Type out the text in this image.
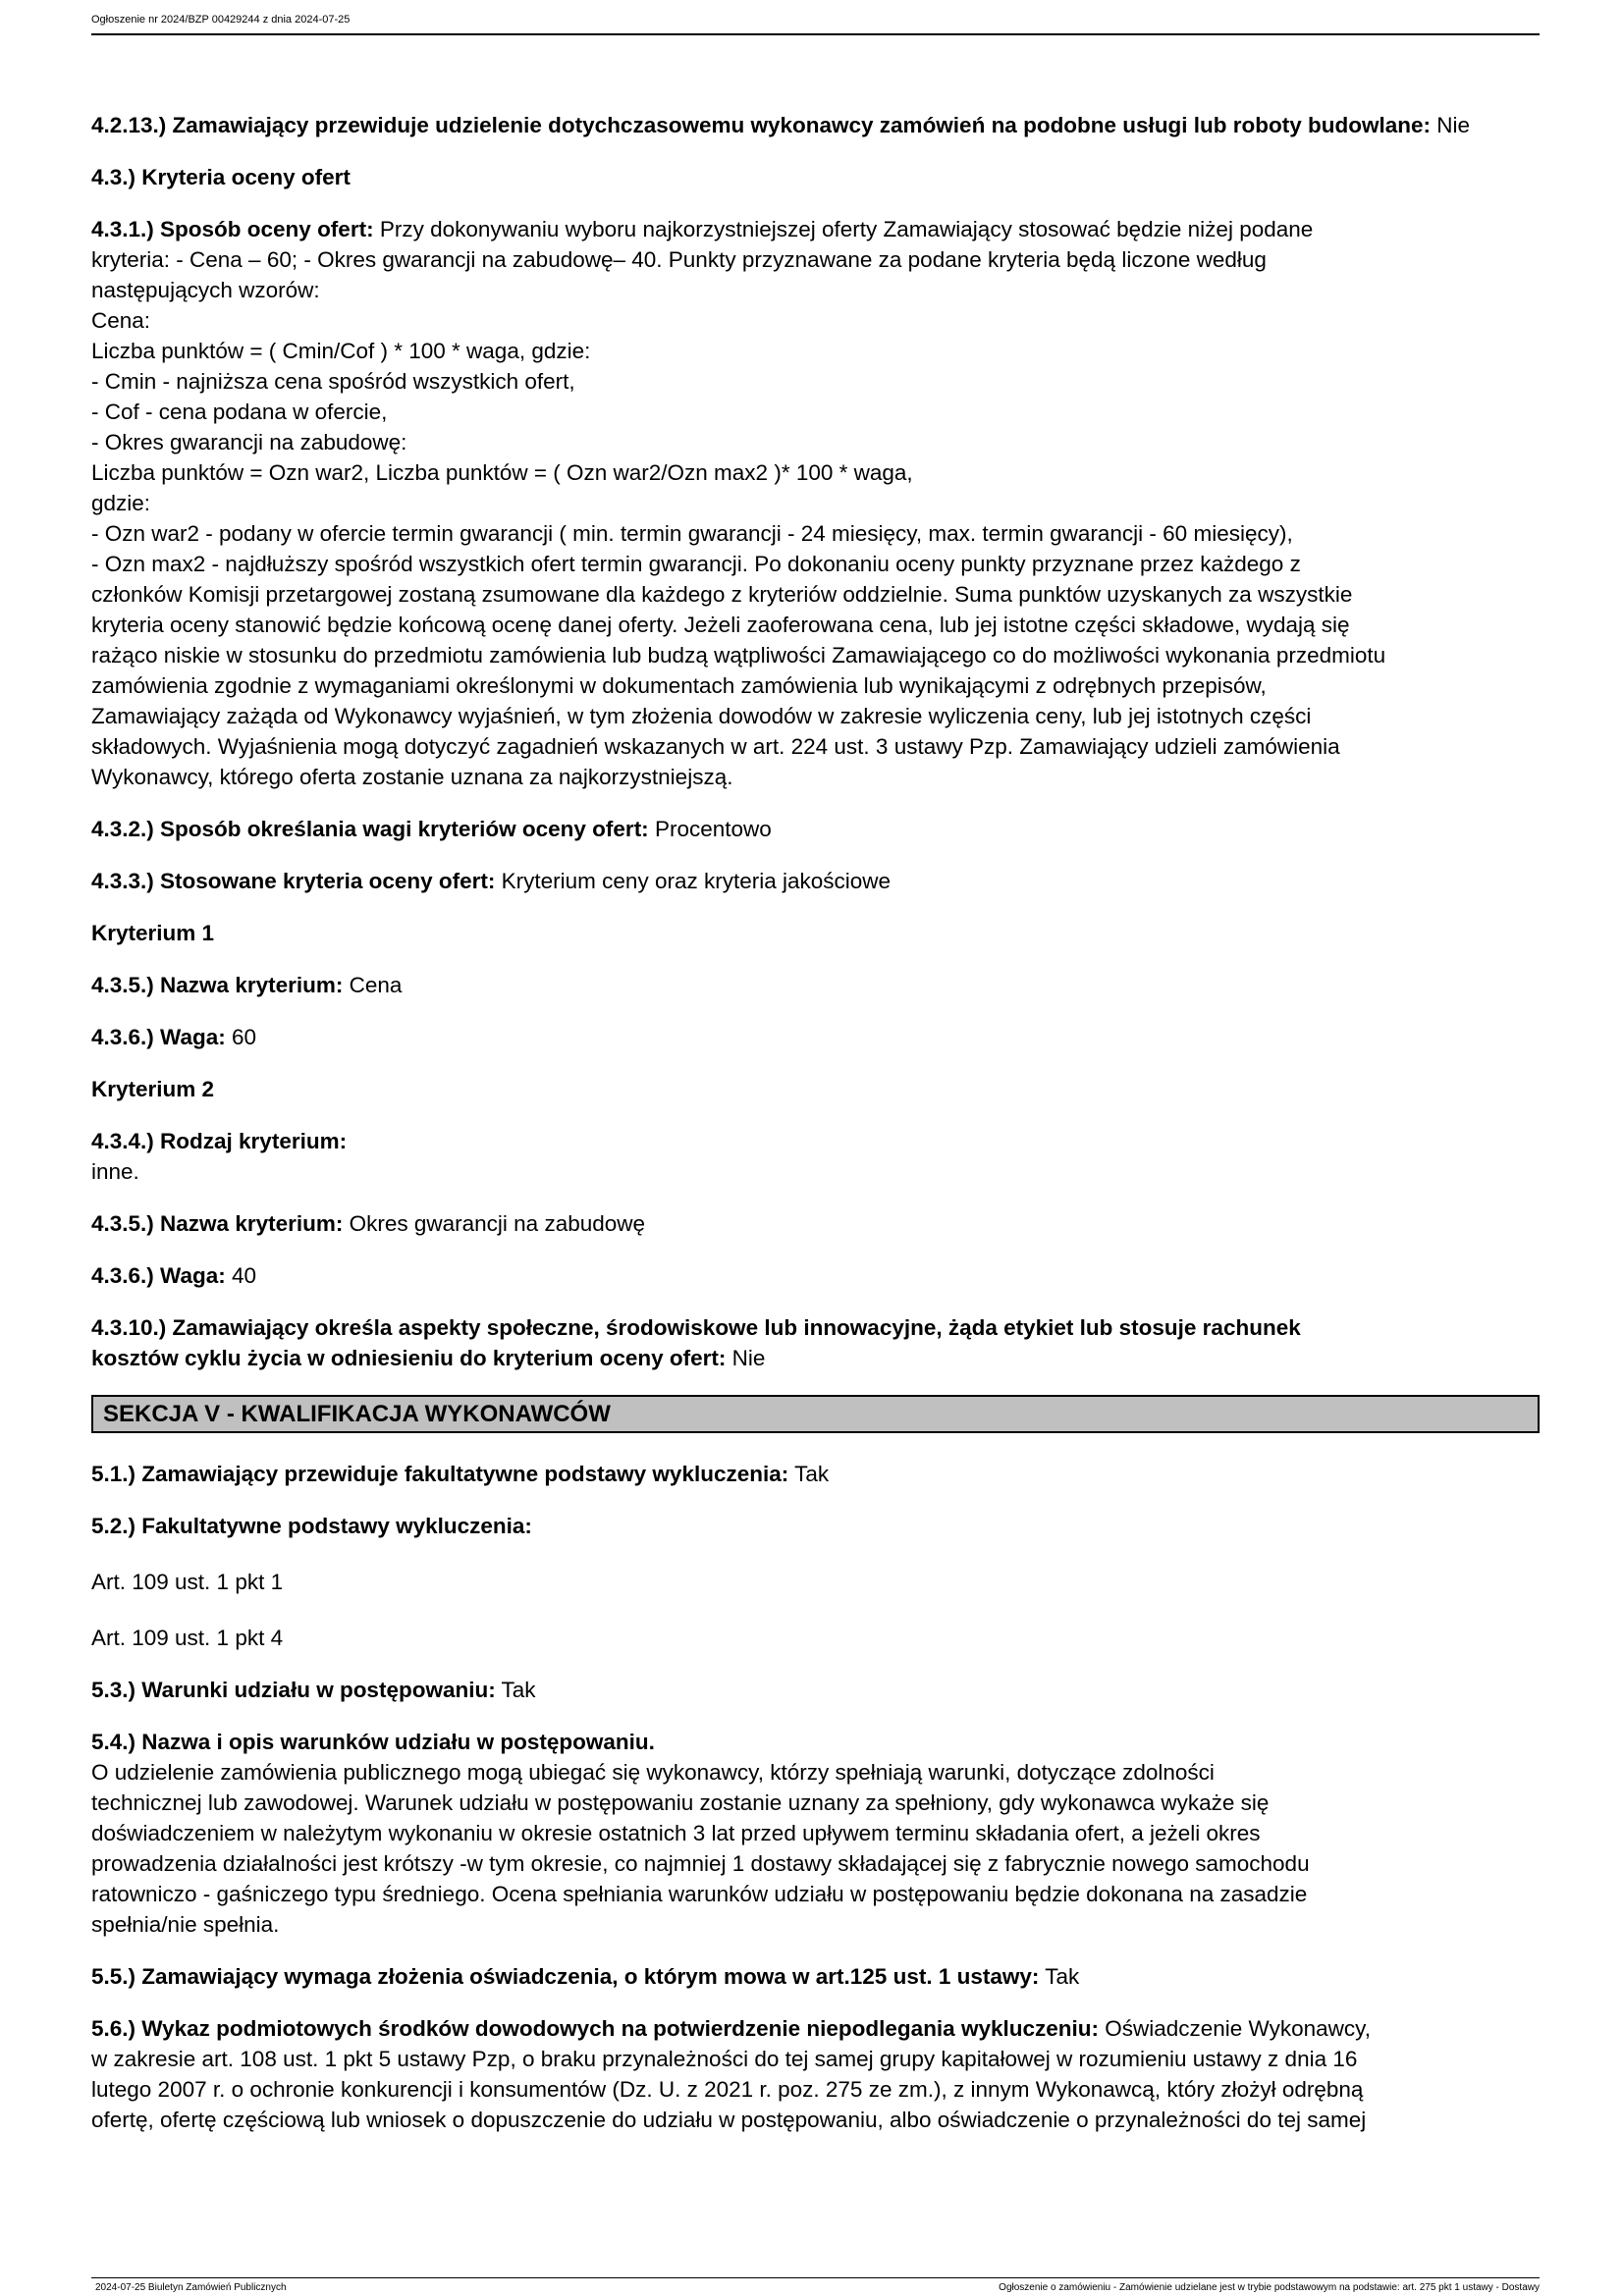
Ogłoszenie nr 2024/BZP 00429244 z dnia 2024-07-25
4.2.13.) Zamawiający przewiduje udzielenie dotychczasowemu wykonawcy zamówień na podobne usługi lub roboty budowlane: Nie
4.3.) Kryteria oceny ofert
4.3.1.) Sposób oceny ofert: Przy dokonywaniu wyboru najkorzystniejszej oferty Zamawiający stosować będzie niżej podane
kryteria: - Cena – 60; - Okres gwarancji na zabudowę– 40. Punkty przyznawane za podane kryteria będą liczone według
następujących wzorów:
Cena:
Liczba punktów = ( Cmin/Cof ) * 100 * waga, gdzie:
- Cmin - najniższa cena spośród wszystkich ofert,
- Cof - cena podana w ofercie,
- Okres gwarancji na zabudowę:
Liczba punktów = Ozn war2, Liczba punktów = ( Ozn war2/Ozn max2 )* 100 * waga,
gdzie:
- Ozn war2 - podany w ofercie termin gwarancji ( min. termin gwarancji - 24 miesięcy, max. termin gwarancji - 60 miesięcy),
- Ozn max2 - najdłuższy spośród wszystkich ofert termin gwarancji. Po dokonaniu oceny punkty przyznane przez każdego z
członków Komisji przetargowej zostaną zsumowane dla każdego z kryteriów oddzielnie. Suma punktów uzyskanych za wszystkie
kryteria oceny stanowić będzie końcową ocenę danej oferty. Jeżeli zaoferowana cena, lub jej istotne części składowe, wydają się
rażąco niskie w stosunku do przedmiotu zamówienia lub budzą wątpliwości Zamawiającego co do możliwości wykonania przedmiotu
zamówienia zgodnie z wymaganiami określonymi w dokumentach zamówienia lub wynikającymi z odrębnych przepisów,
Zamawiający zażąda od Wykonawcy wyjaśnień, w tym złożenia dowodów w zakresie wyliczenia ceny, lub jej istotnych części
składowych. Wyjaśnienia mogą dotyczyć zagadnień wskazanych w art. 224 ust. 3 ustawy Pzp. Zamawiający udzieli zamówienia
Wykonawcy, którego oferta zostanie uznana za najkorzystniejszą.
4.3.2.) Sposób określania wagi kryteriów oceny ofert: Procentowo
4.3.3.) Stosowane kryteria oceny ofert: Kryterium ceny oraz kryteria jakościowe
Kryterium 1
4.3.5.) Nazwa kryterium: Cena
4.3.6.) Waga: 60
Kryterium 2
4.3.4.) Rodzaj kryterium:
inne.
4.3.5.) Nazwa kryterium: Okres gwarancji na zabudowę
4.3.6.) Waga: 40
4.3.10.) Zamawiający określa aspekty społeczne, środowiskowe lub innowacyjne, żąda etykiet lub stosuje rachunek
kosztów cyklu życia w odniesieniu do kryterium oceny ofert: Nie
SEKCJA V - KWALIFIKACJA WYKONAWCÓW
5.1.) Zamawiający przewiduje fakultatywne podstawy wykluczenia: Tak
5.2.) Fakultatywne podstawy wykluczenia:
Art. 109 ust. 1 pkt 1
Art. 109 ust. 1 pkt 4
5.3.) Warunki udziału w postępowaniu: Tak
5.4.) Nazwa i opis warunków udziału w postępowaniu.
O udzielenie zamówienia publicznego mogą ubiegać się wykonawcy, którzy spełniają warunki, dotyczące zdolności
technicznej lub zawodowej. Warunek udziału w postępowaniu zostanie uznany za spełniony, gdy wykonawca wykaże się
doświadczeniem w należytym wykonaniu w okresie ostatnich 3 lat przed upływem terminu składania ofert, a jeżeli okres
prowadzenia działalności jest krótszy -w tym okresie, co najmniej 1 dostawy składającej się z fabrycznie nowego samochodu
ratowniczo - gaśniczego typu średniego. Ocena spełniania warunków udziału w postępowaniu będzie dokonana na zasadzie
spełnia/nie spełnia.
5.5.) Zamawiający wymaga złożenia oświadczenia, o którym mowa w art.125 ust. 1 ustawy: Tak
5.6.) Wykaz podmiotowych środków dowodowych na potwierdzenie niepodlegania wykluczeniu: Oświadczenie Wykonawcy,
w zakresie art. 108 ust. 1 pkt 5 ustawy Pzp, o braku przynależności do tej samej grupy kapitałowej w rozumieniu ustawy z dnia 16
lutego 2007 r. o ochronie konkurencji i konsumentów (Dz. U. z 2021 r. poz. 275 ze zm.), z innym Wykonawcą, który złożył odrębną
ofertę, ofertę częściową lub wniosek o dopuszczenie do udziału w postępowaniu, albo oświadczenie o przynależności do tej samej
2024-07-25 Biuletyn Zamówień Publicznych	Ogłoszenie o zamówieniu - Zamówienie udzielane jest w trybie podstawowym na podstawie: art. 275 pkt 1 ustawy - Dostawy
